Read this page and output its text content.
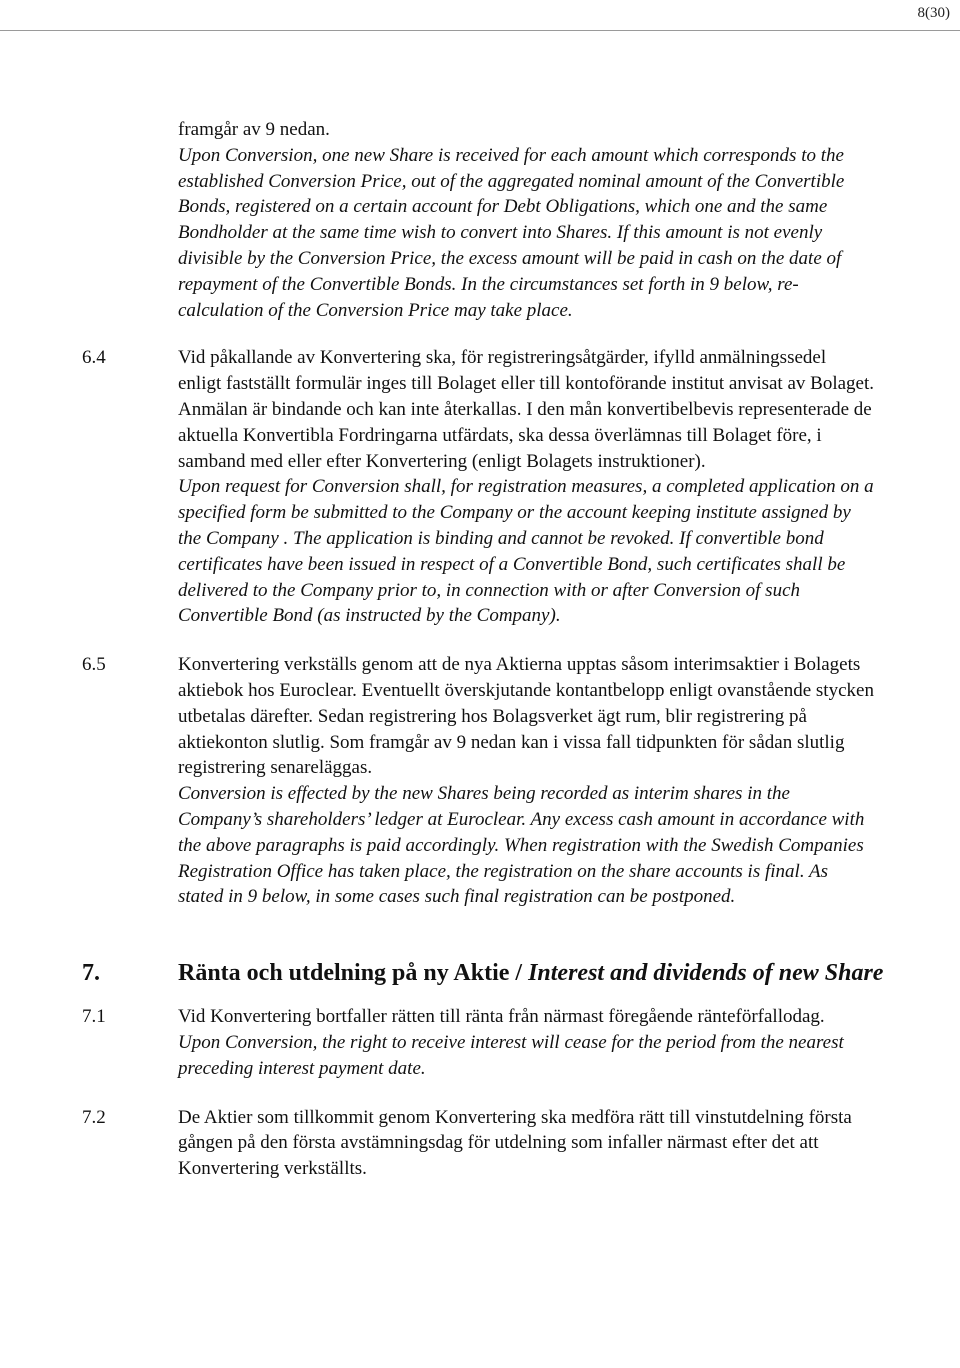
8(30)

framgår av 9 nedan.

Upon Conversion, one new Share is received for each amount which corresponds to the established Conversion Price, out of the aggregated nominal amount of the Convertible Bonds, registered on a certain account for Debt Obligations, which one and the same Bondholder at the same time wish to convert into Shares. If this amount is not evenly divisible by the Conversion Price, the excess amount will be paid in cash on the date of repayment of the Convertible Bonds. In the circumstances set forth in 9 below, re-calculation of the Conversion Price may take place.

6.4	Vid påkallande av Konvertering ska, för registreringsåtgärder, ifylld anmälningssedel enligt fastställt formulär inges till Bolaget eller till kontoförande institut anvisat av Bolaget. Anmälan är bindande och kan inte återkallas. I den mån konvertibelbevis representerade de aktuella Konvertibla Fordringarna utfärdats, ska dessa överlämnas till Bolaget före, i samband med eller efter Konvertering (enligt Bolagets instruktioner).

Upon request for Conversion shall, for registration measures, a completed application on a specified form be submitted to the Company or the account keeping institute assigned by the Company . The application is binding and cannot be revoked. If convertible bond certificates have been issued in respect of a Convertible Bond, such certificates shall be delivered to the Company prior to, in connection with or after Conversion of such Convertible Bond (as instructed by the Company).

6.5	Konvertering verkställs genom att de nya Aktierna upptas såsom interimsaktier i Bolagets aktiebok hos Euroclear. Eventuellt överskjutande kontantbelopp enligt ovanstående stycken utbetalas därefter. Sedan registrering hos Bolagsverket ägt rum, blir registrering på aktiekonton slutlig. Som framgår av 9 nedan kan i vissa fall tidpunkten för sådan slutlig registrering senareläggas.

Conversion is effected by the new Shares being recorded as interim shares in the Company’s shareholders’ ledger at Euroclear. Any excess cash amount in accordance with the above paragraphs is paid accordingly. When registration with the Swedish Companies Registration Office has taken place, the registration on the share accounts is final. As stated in 9 below, in some cases such final registration can be postponed.

7.	Ränta och utdelning på ny Aktie / Interest and dividends of new Share
7.1	Vid Konvertering bortfaller rätten till ränta från närmast föregående ränteförfallodag.

Upon Conversion, the right to receive interest will cease for the period from the nearest preceding interest payment date.

7.2	De Aktier som tillkommit genom Konvertering ska medföra rätt till vinstutdelning första gången på den första avstämningsdag för utdelning som infaller närmast efter det att Konvertering verkställts.
